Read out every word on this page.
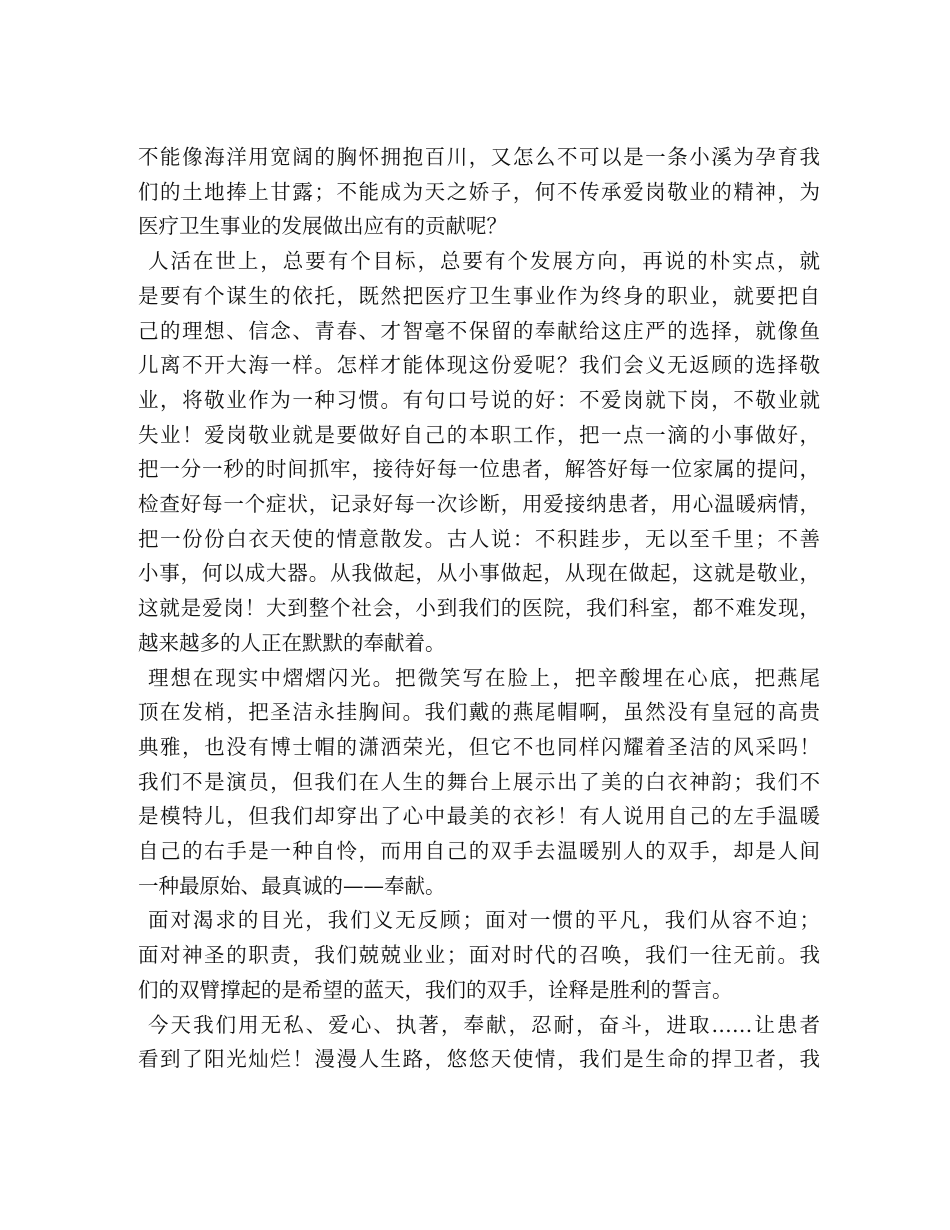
不能像海洋用宽阔的胸怀拥抱百川，又怎么不可以是一条小溪为孕育我
们的土地捧上甘露；不能成为天之娇子，何不传承爱岗敬业的精神，为
医疗卫生事业的发展做出应有的贡献呢？
人活在世上，总要有个目标，总要有个发展方向，再说的朴实点，就
是要有个谋生的依托，既然把医疗卫生事业作为终身的职业，就要把自
己的理想、信念、青春、才智毫不保留的奉献给这庄严的选择，就像鱼
儿离不开大海一样。怎样才能体现这份爱呢？我们会义无返顾的选择敬
业，将敬业作为一种习惯。有句口号说的好：不爱岗就下岗，不敬业就
失业！爱岗敬业就是要做好自己的本职工作，把一点一滴的小事做好，
把一分一秒的时间抓牢，接待好每一位患者，解答好每一位家属的提问，
检查好每一个症状，记录好每一次诊断，用爱接纳患者，用心温暖病情，
把一份份白衣天使的情意散发。古人说：不积跬步，无以至千里；不善
小事，何以成大器。从我做起，从小事做起，从现在做起，这就是敬业，
这就是爱岗！大到整个社会，小到我们的医院，我们科室，都不难发现，
越来越多的人正在默默的奉献着。
理想在现实中熠熠闪光。把微笑写在脸上，把辛酸埋在心底，把燕尾
顶在发梢，把圣洁永挂胸间。我们戴的燕尾帽啊，虽然没有皇冠的高贵
典雅，也没有博士帽的潇洒荣光，但它不也同样闪耀着圣洁的风采吗！
我们不是演员，但我们在人生的舞台上展示出了美的白衣神韵；我们不
是模特儿，但我们却穿出了心中最美的衣衫！有人说用自己的左手温暖
自己的右手是一种自怜，而用自己的双手去温暖别人的双手，却是人间
一种最原始、最真诚的——奉献。
面对渴求的目光，我们义无反顾；面对一惯的平凡，我们从容不迫；
面对神圣的职责，我们兢兢业业；面对时代的召唤，我们一往无前。我
们的双臂撑起的是希望的蓝天，我们的双手，诠释是胜利的誓言。
今天我们用无私、爱心、执著，奉献，忍耐，奋斗，进取……让患者
看到了阳光灿烂！漫漫人生路，悠悠天使情，我们是生命的捍卫者，我
